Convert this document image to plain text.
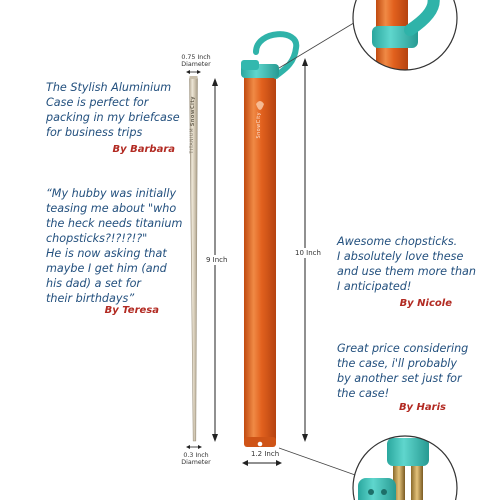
SnowCity
TITANIUM
SnowCity
0.75 Inch
Diameter
0.3 Inch
Diameter
9 Inch
10 Inch
1.2 Inch
The Stylish Aluminium
Case is perfect for
packing in my briefcase
for business trips
By Barbara
“My hubby was initially
teasing me about "who
the heck needs titanium
chopsticks?!?!?!?"
He is now asking that
maybe I get him (and
his dad) a set for
their birthdays”
By Teresa
Awesome chopsticks.
I absolutely love these
and use them more than
I anticipated!
By Nicole
Great price considering
the case, i'll probably
by another set just for
the case!
By Haris
